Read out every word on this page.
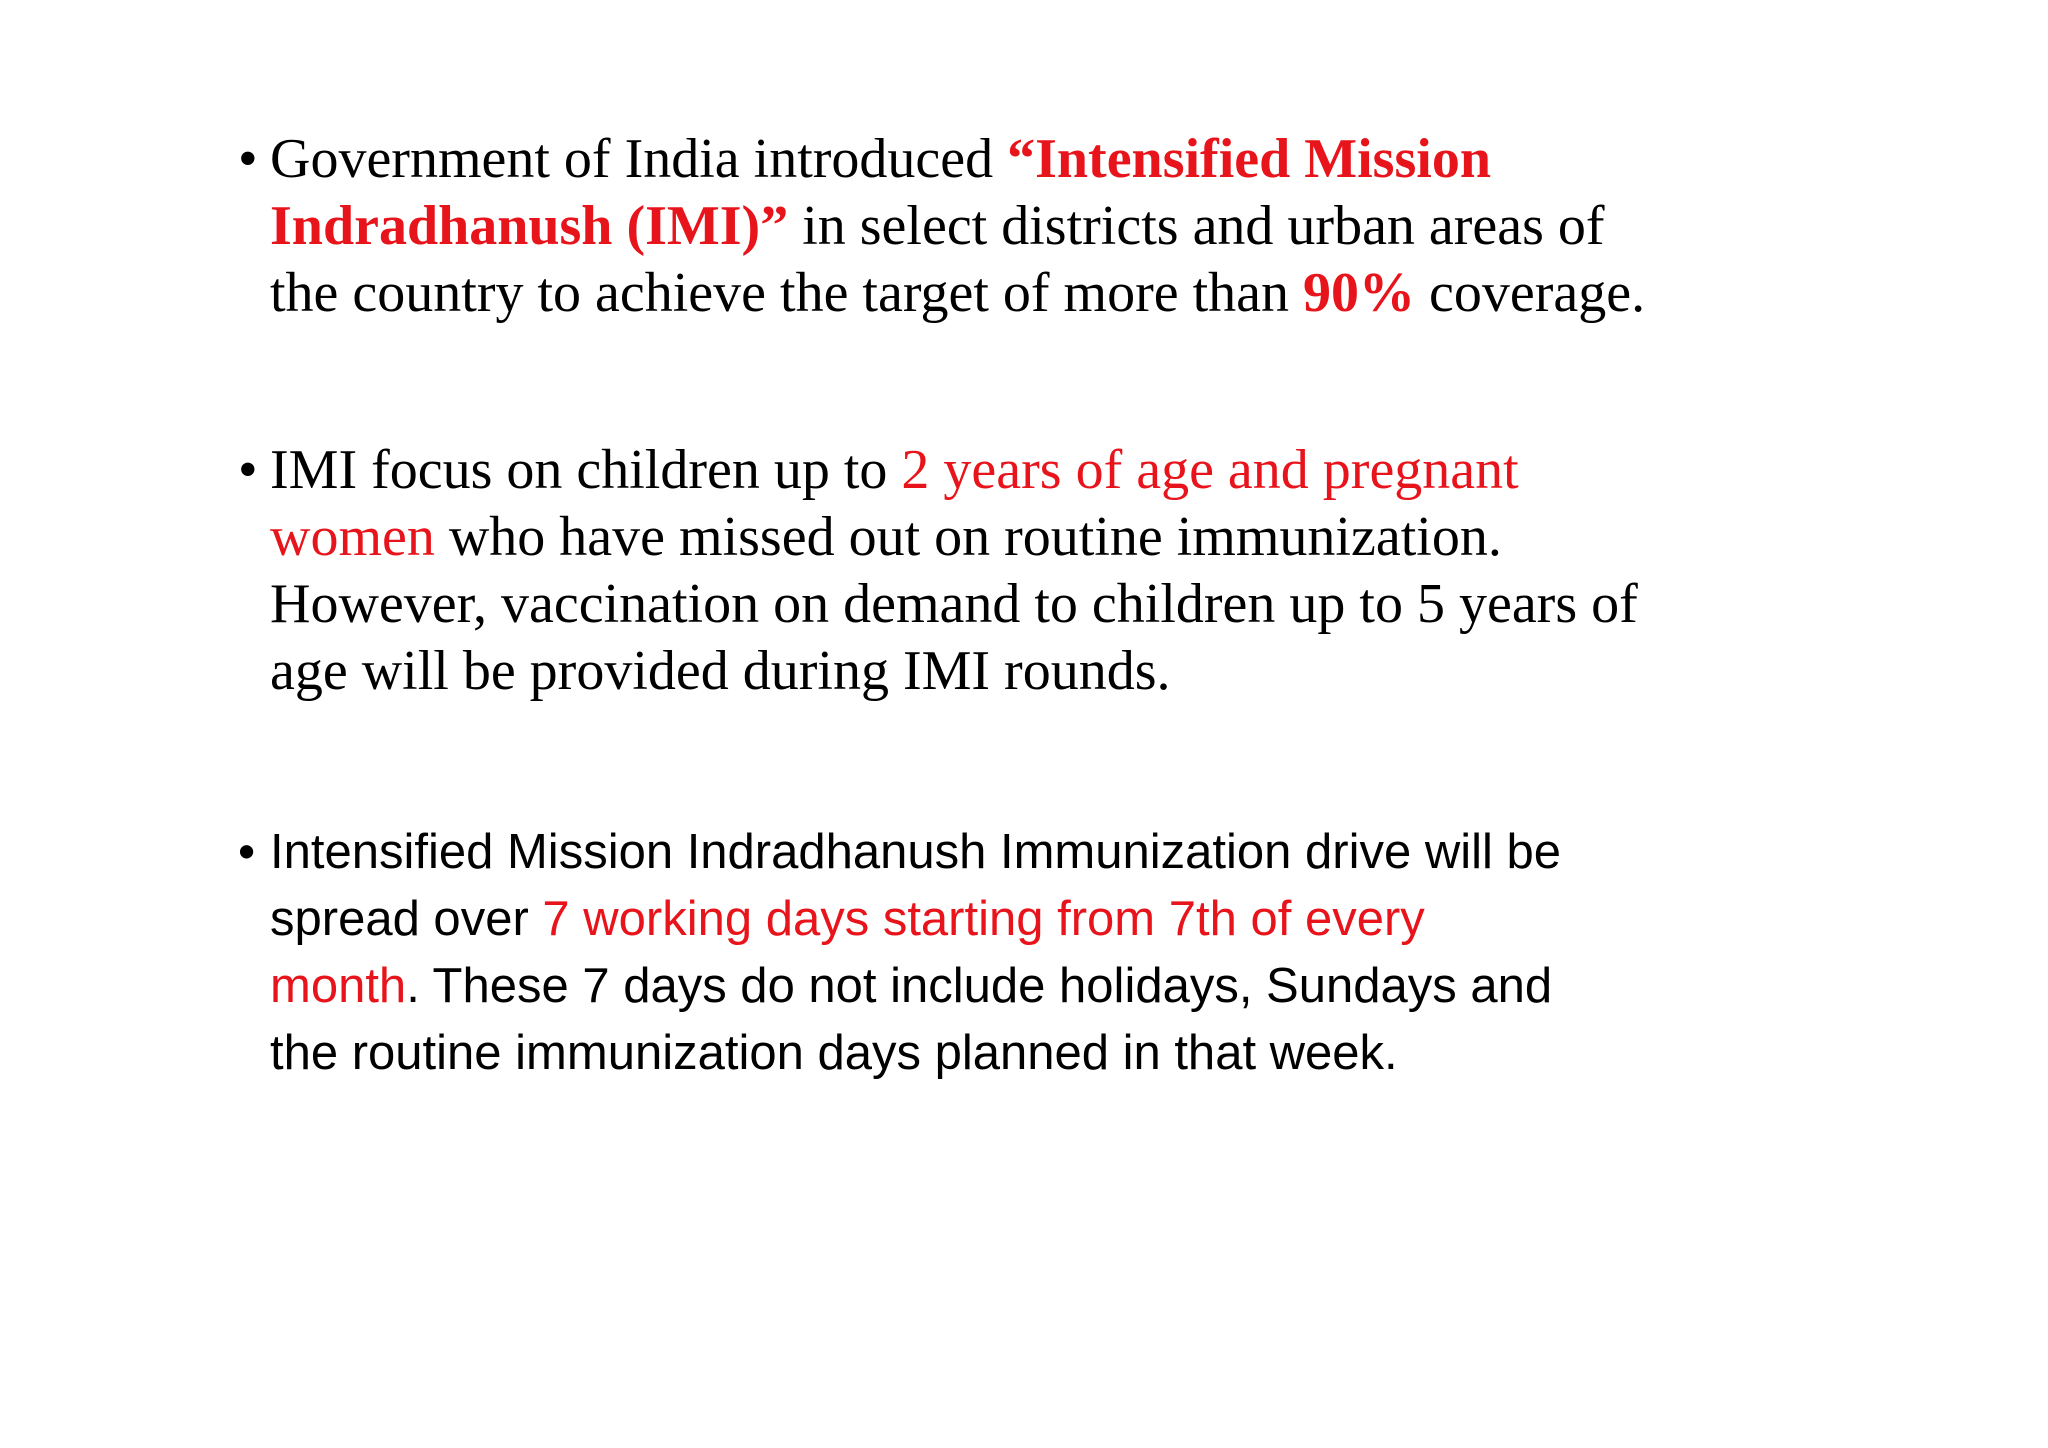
• Government of India introduced “Intensified Mission
Indradhanush (IMI)” in select districts and urban areas of
the country to achieve the target of more than 90% coverage.
• IMI focus on children up to 2 years of age and pregnant
women who have missed out on routine immunization.
However, vaccination on demand to children up to 5 years of
age will be provided during IMI rounds.
• Intensified Mission Indradhanush Immunization drive will be
spread over 7 working days starting from 7th of every
month. These 7 days do not include holidays, Sundays and
the routine immunization days planned in that week.
